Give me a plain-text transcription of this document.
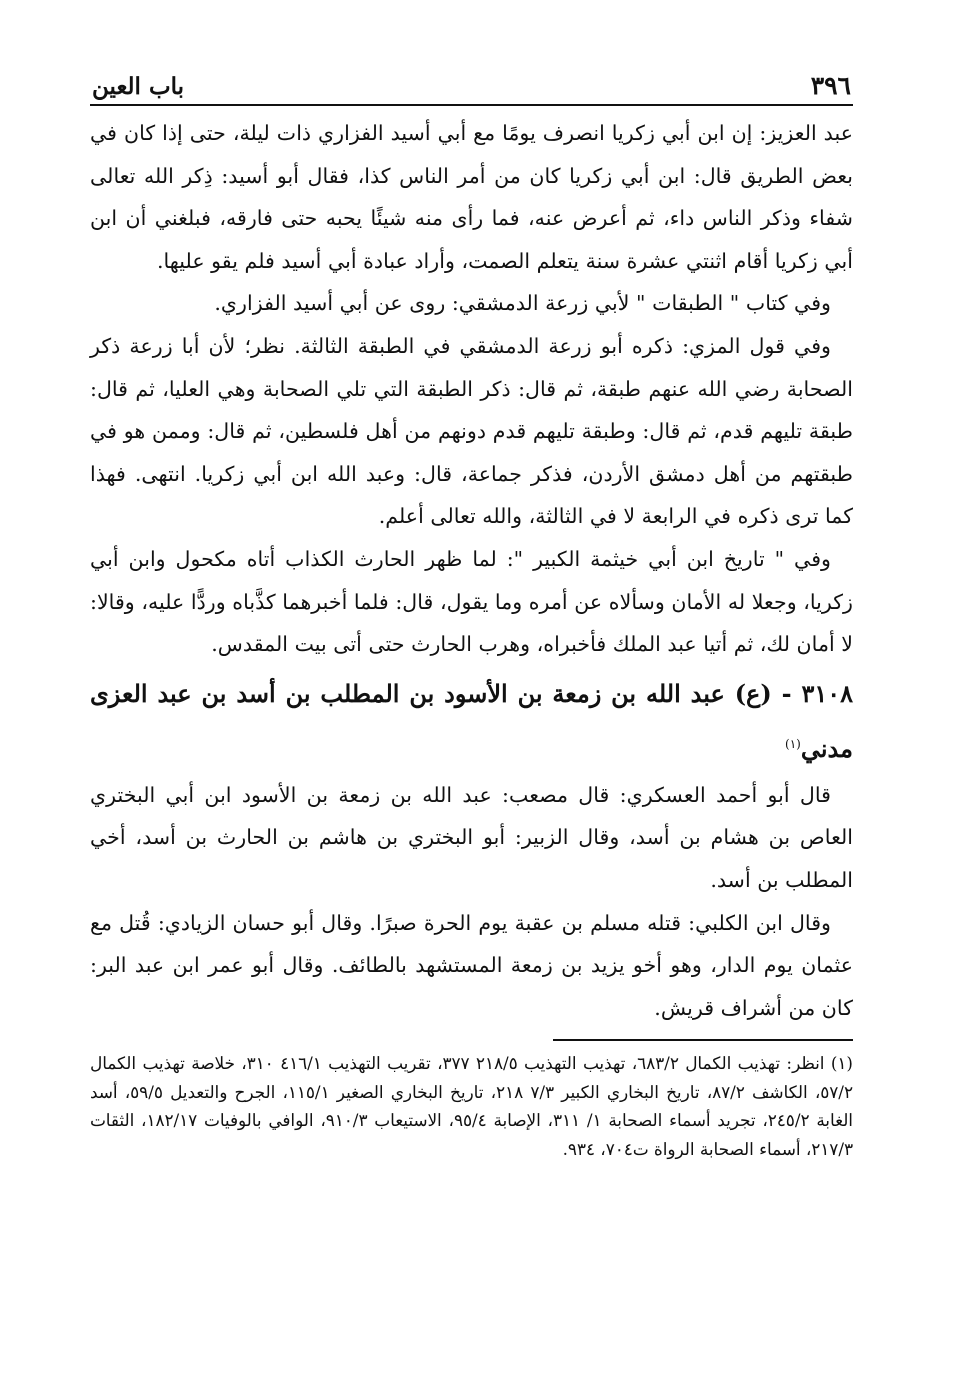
٣٩٦
باب العين

عبد العزيز: إن ابن أبي زكريا انصرف يومًا مع أبي أسيد الفزاري ذات ليلة، حتى إذا كان في بعض الطريق قال: ابن أبي زكريا كان من أمر الناس كذا، فقال أبو أسيد: ذِكر الله تعالى شفاء وذكر الناس داء، ثم أعرض عنه، فما رأى منه شيئًا يحبه حتى فارقه، فبلغني أن ابن أبي زكريا أقام اثنتي عشرة سنة يتعلم الصمت، وأراد عبادة أبي أسيد فلم يقو عليها.

وفي كتاب " الطبقات " لأبي زرعة الدمشقي: روى عن أبي أسيد الفزاري.

وفي قول المزي: ذكره أبو زرعة الدمشقي في الطبقة الثالثة. نظر؛ لأن أبا زرعة ذكر الصحابة رضي الله عنهم طبقة، ثم قال: ذكر الطبقة التي تلي الصحابة وهي العليا، ثم قال: طبقة تليهم قدم، ثم قال: وطبقة تليهم قدم دونهم من أهل فلسطين، ثم قال: وممن هو في طبقتهم من أهل دمشق الأردن، فذكر جماعة، قال: وعبد الله ابن أبي زكريا. انتهى. فهذا كما ترى ذكره في الرابعة لا في الثالثة، والله تعالى أعلم.

وفي " تاريخ ابن أبي خيثمة الكبير ": لما ظهر الحارث الكذاب أتاه مكحول وابن أبي زكريا، وجعلا له الأمان وسألاه عن أمره وما يقول، قال: فلما أخبرهما كذَّباه وردًّا عليه، وقالا: لا أمان لك، ثم أتيا عبد الملك فأخبراه، وهرب الحارث حتى أتى بيت المقدس.

٣١٠٨ - (ع) عبد الله بن زمعة بن الأسود بن المطلب بن أسد بن عبد العزى مدني$^{(١)}$

قال أبو أحمد العسكري: قال مصعب: عبد الله بن زمعة بن الأسود ابن أبي البختري العاص بن هشام بن أسد، وقال الزبير: أبو البختري بن هاشم بن الحارث بن أسد، أخي المطلب بن أسد.

وقال ابن الكلبي: قتله مسلم بن عقبة يوم الحرة صبرًا. وقال أبو حسان الزيادي: قُتل مع عثمان يوم الدار، وهو أخو يزيد بن زمعة المستشهد بالطائف. وقال أبو عمر ابن عبد البر: كان من أشراف قريش.

(١) انظر: تهذيب الكمال ٦٨٣/٢، تهذيب التهذيب ٢١٨/٥ ٣٧٧، تقريب التهذيب ٤١٦/١ ٣١٠، خلاصة تهذيب الكمال ٥٧/٢، الكاشف ٨٧/٢، تاريخ البخاري الكبير ٧/٣ ٢١٨، تاريخ البخاري الصغير ١١٥/١، الجرح والتعديل ٥٩/٥، أسد الغابة ٢٤٥/٢، تجريد أسماء الصحابة ١/ ٣١١، الإصابة ٩٥/٤، الاستيعاب ٩١٠/٣، الوافي بالوفيات ١٨٢/١٧، الثقات ٢١٧/٣، أسماء الصحابة الرواة ت٧٠٤، ٩٣٤.
